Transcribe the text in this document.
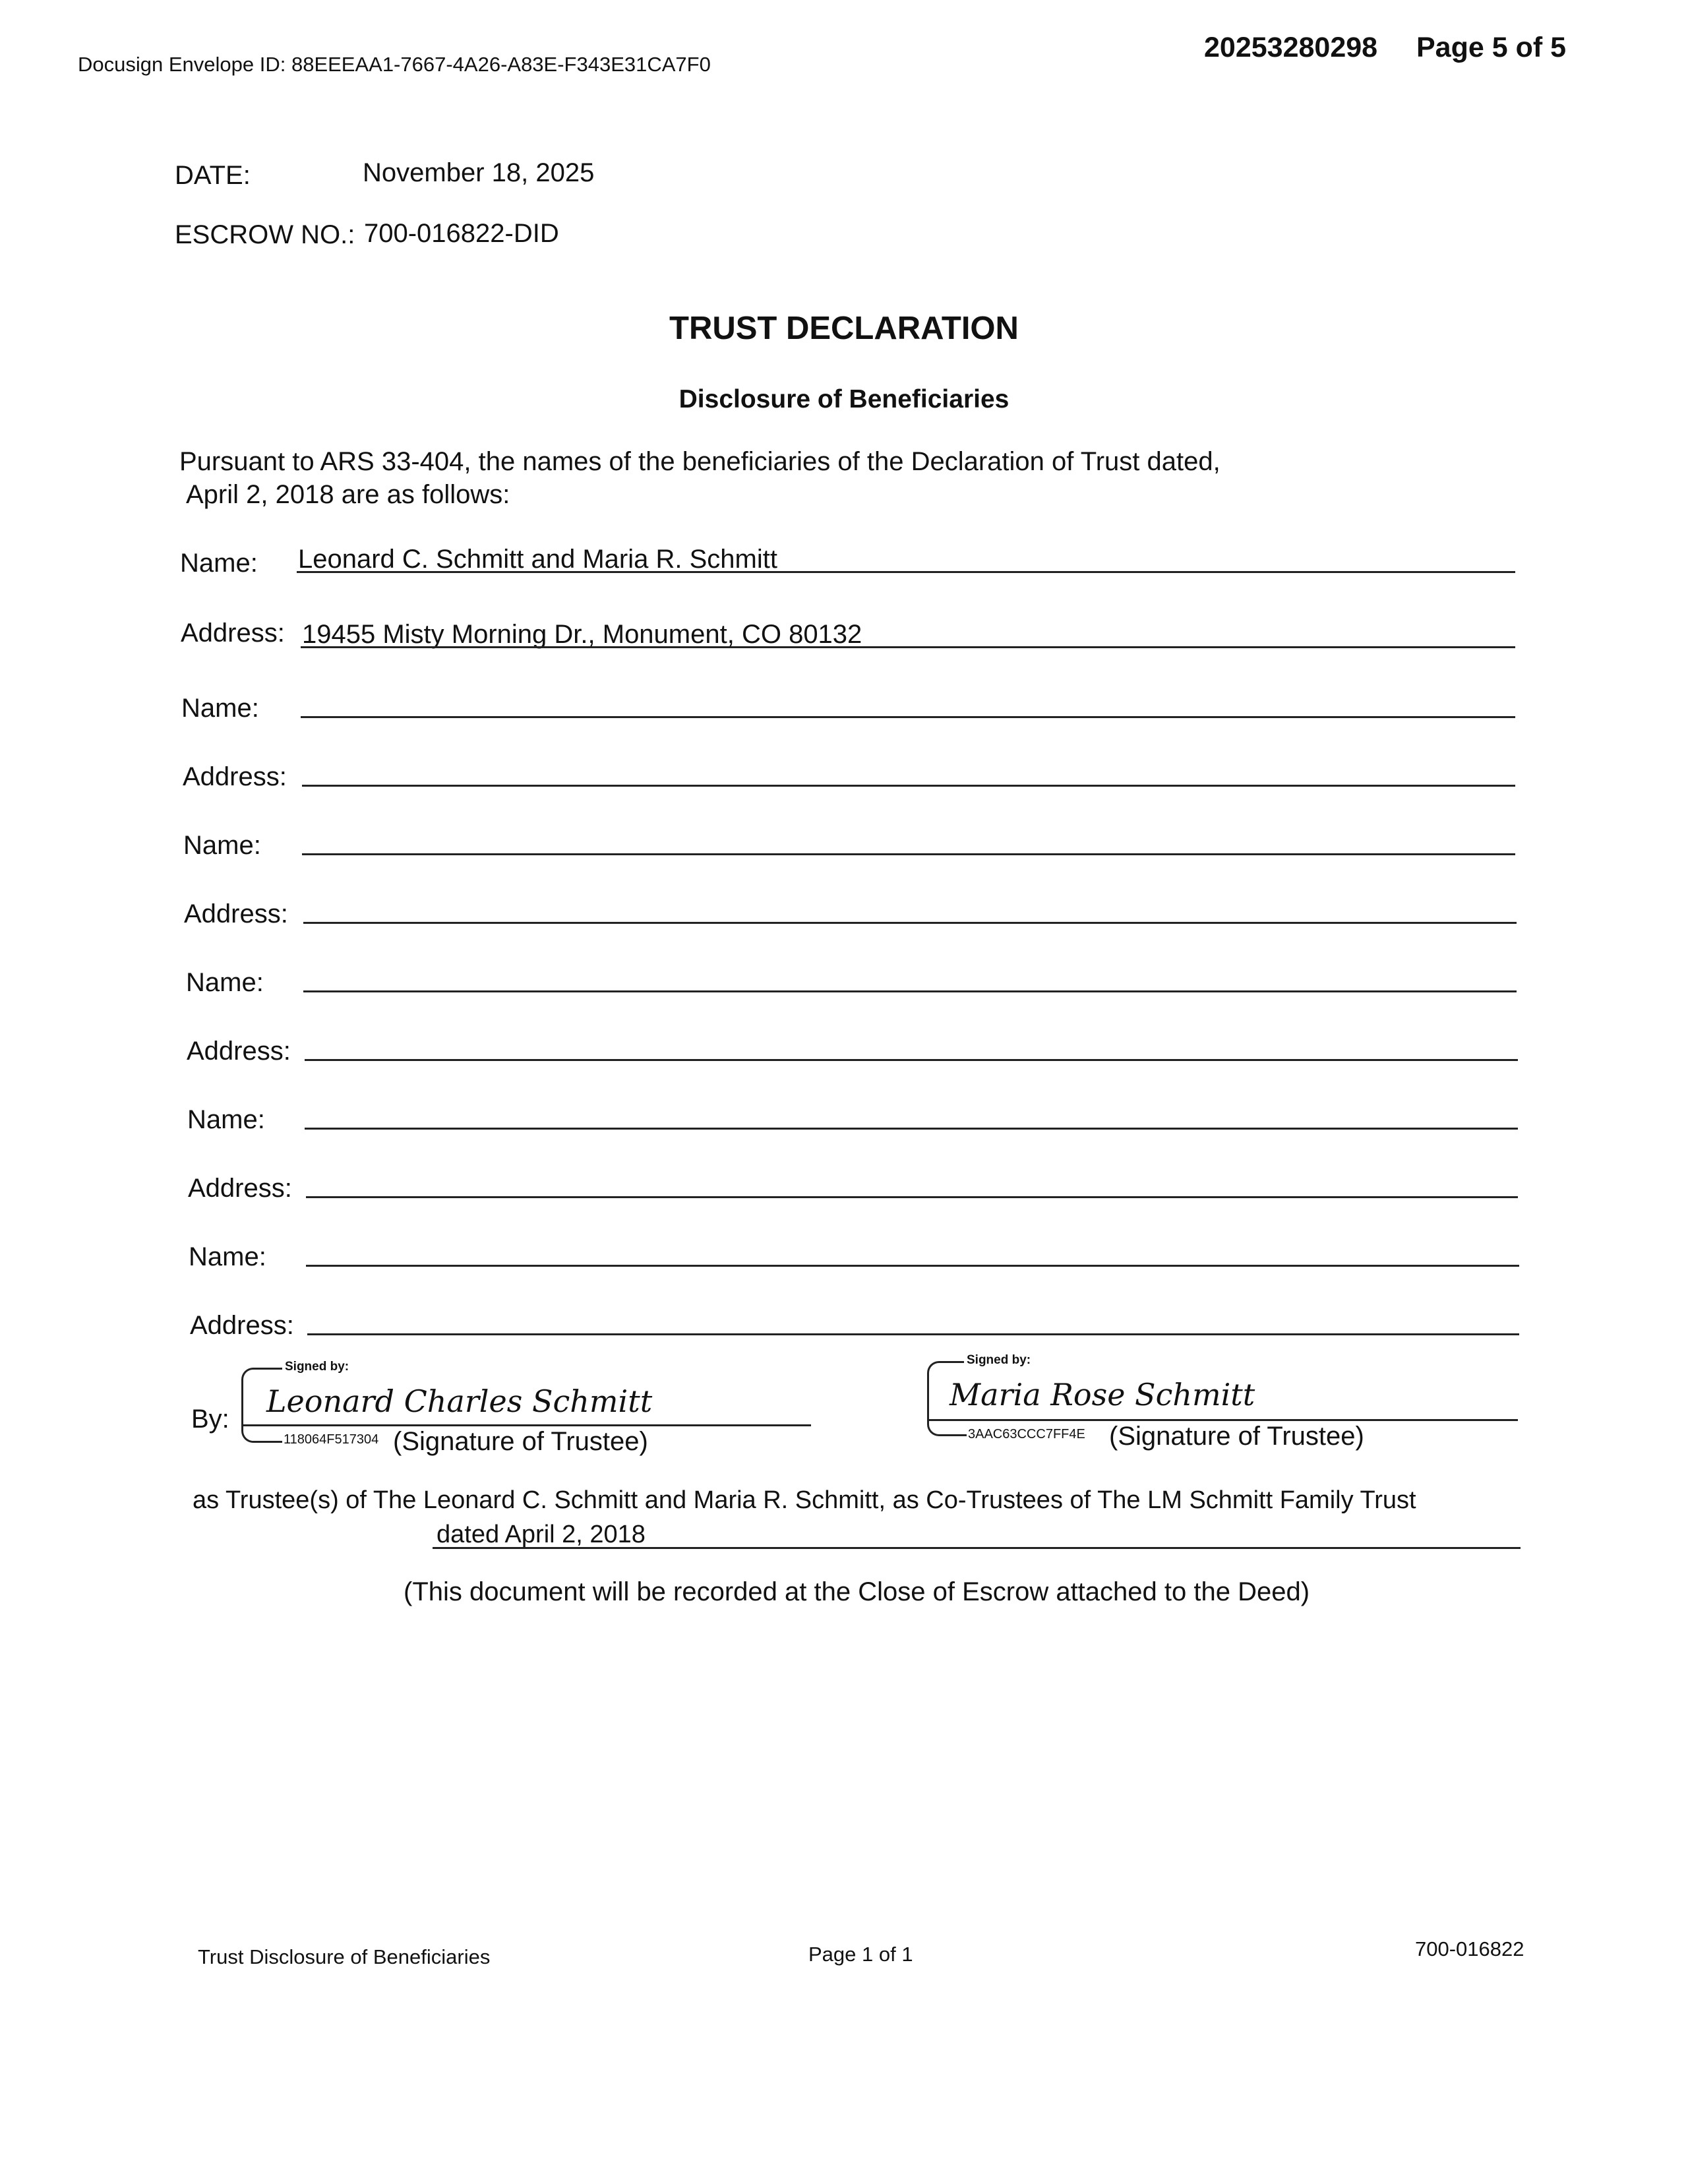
Docusign Envelope ID: 88EEEAA1-7667-4A26-A83E-F343E31CA7F0
20253280298 Page 5 of 5
DATE:	November 18, 2025
ESCROW NO.: 700-016822-DID
TRUST DECLARATION
Disclosure of Beneficiaries
Pursuant to ARS 33-404, the names of the beneficiaries of the Declaration of Trust dated,
April 2, 2018 are as follows:
Name: Leonard C. Schmitt and Maria R. Schmitt
Address: 19455 Misty Morning Dr., Monument, CO 80132
Name:
Address:
Name:
Address:
Name:
Address:
Name:
Address:
Name:
Address:
By:
Signed by:
Leonard Charles Schmitt
118064F517304 (Signature of Trustee)
Signed by:
Maria Rose Schmitt
3AAC63CCC7FF4E (Signature of Trustee)
as Trustee(s) of The Leonard C. Schmitt and Maria R. Schmitt, as Co-Trustees of The LM Schmitt Family Trust
dated April 2, 2018
(This document will be recorded at the Close of Escrow attached to the Deed)
Trust Disclosure of Beneficiaries	Page 1 of 1	700-016822
